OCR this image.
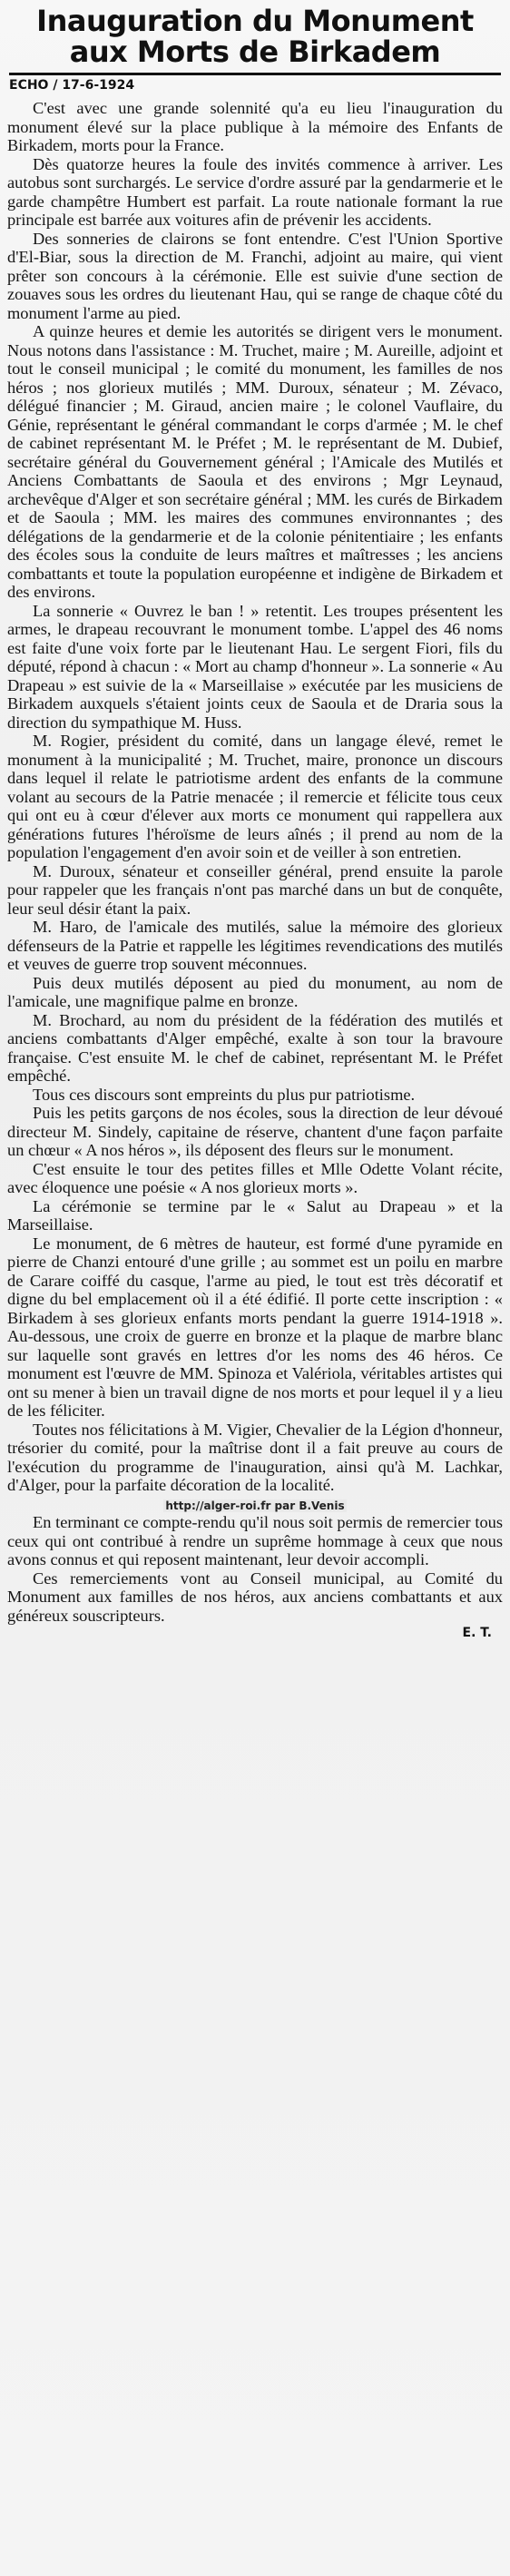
Inauguration du Monument
aux Morts de Birkadem
ECHO / 17-6-1924

C'est avec une grande solennité qu'a eu lieu l'inauguration du monument élevé sur la place publique à la mémoire des Enfants de Birkadem, morts pour la France.

Dès quatorze heures la foule des invités commence à arriver. Les autobus sont surchargés. Le service d'ordre assuré par la gendarmerie et le garde champêtre Humbert est parfait. La route nationale formant la rue principale est barrée aux voitures afin de prévenir les accidents.

Des sonneries de clairons se font entendre. C'est l'Union Sportive d'El-Biar, sous la direction de M. Franchi, adjoint au maire, qui vient prêter son concours à la cérémonie. Elle est suivie d'une section de zouaves sous les ordres du lieutenant Hau, qui se range de chaque côté du monument l'arme au pied.

A quinze heures et demie les autorités se dirigent vers le monument. Nous notons dans l'assistance : M. Truchet, maire ; M. Aureille, adjoint et tout le conseil municipal ; le comité du monument, les familles de nos héros ; nos glorieux mutilés ; MM. Duroux, sénateur ; M. Zévaco, délégué financier ; M. Giraud, ancien maire ; le colonel Vauflaire, du Génie, représentant le général commandant le corps d'armée ; M. le chef de cabinet représentant M. le Préfet ; M. le représentant de M. Dubief, secrétaire général du Gouvernement général ; l'Amicale des Mutilés et Anciens Combattants de Saoula et des environs ; Mgr Leynaud, archevêque d'Alger et son secrétaire général ; MM. les curés de Birkadem et de Saoula ; MM. les maires des communes environnantes ; des délégations de la gendarmerie et de la colonie pénitentiaire ; les enfants des écoles sous la conduite de leurs maîtres et maîtresses ; les anciens combattants et toute la population européenne et indigène de Birkadem et des environs.

La sonnerie « Ouvrez le ban ! » retentit. Les troupes présentent les armes, le drapeau recouvrant le monument tombe. L'appel des 46 noms est faite d'une voix forte par le lieutenant Hau. Le sergent Fiori, fils du député, répond à chacun : « Mort au champ d'honneur ». La sonnerie « Au Drapeau » est suivie de la « Marseillaise » exécutée par les musiciens de Birkadem auxquels s'étaient joints ceux de Saoula et de Draria sous la direction du sympathique M. Huss.

M. Rogier, président du comité, dans un langage élevé, remet le monument à la municipalité ; M. Truchet, maire, prononce un discours dans lequel il relate le patriotisme ardent des enfants de la commune volant au secours de la Patrie menacée ; il remercie et félicite tous ceux qui ont eu à cœur d'élever aux morts ce monument qui rappellera aux générations futures l'héroïsme de leurs aînés ; il prend au nom de la population l'engagement d'en avoir soin et de veiller à son entretien.

M. Duroux, sénateur et conseiller général, prend ensuite la parole pour rappeler que les français n'ont pas marché dans un but de conquête, leur seul désir étant la paix.

M. Haro, de l'amicale des mutilés, salue la mémoire des glorieux défenseurs de la Patrie et rappelle les légitimes revendications des mutilés et veuves de guerre trop souvent méconnues.

Puis deux mutilés déposent au pied du monument, au nom de l'amicale, une magnifique palme en bronze.

M. Brochard, au nom du président de la fédération des mutilés et anciens combattants d'Alger empêché, exalte à son tour la bravoure française. C'est ensuite M. le chef de cabinet, représentant M. le Préfet empêché.

Tous ces discours sont empreints du plus pur patriotisme.

Puis les petits garçons de nos écoles, sous la direction de leur dévoué directeur M. Sindely, capitaine de réserve, chantent d'une façon parfaite un chœur « A nos héros », ils déposent des fleurs sur le monument.

C'est ensuite le tour des petites filles et Mlle Odette Volant récite, avec éloquence une poésie « A nos glorieux morts ».

La cérémonie se termine par le « Salut au Drapeau » et la Marseillaise.

Le monument, de 6 mètres de hauteur, est formé d'une pyramide en pierre de Chanzi entouré d'une grille ; au sommet est un poilu en marbre de Carare coiffé du casque, l'arme au pied, le tout est très décoratif et digne du bel emplacement où il a été édifié. Il porte cette inscription : « Birkadem à ses glorieux enfants morts pendant la guerre 1914-1918 ». Au-dessous, une croix de guerre en bronze et la plaque de marbre blanc sur laquelle sont gravés en lettres d'or les noms des 46 héros. Ce monument est l'œuvre de MM. Spinoza et Valériola, véritables artistes qui ont su mener à bien un travail digne de nos morts et pour lequel il y a lieu de les féliciter.

Toutes nos félicitations à M. Vigier, Chevalier de la Légion d'honneur, trésorier du comité, pour la maîtrise dont il a fait preuve au cours de l'exécution du programme de l'inauguration, ainsi qu'à M. Lachkar, d'Alger, pour la parfaite décoration de la localité.

http://alger-roi.fr par B.Venis

En terminant ce compte-rendu qu'il nous soit permis de remercier tous ceux qui ont contribué à rendre un suprême hommage à ceux que nous avons connus et qui reposent maintenant, leur devoir accompli.

Ces remerciements vont au Conseil municipal, au Comité du Monument aux familles de nos héros, aux anciens combattants et aux généreux souscripteurs.

E. T.
